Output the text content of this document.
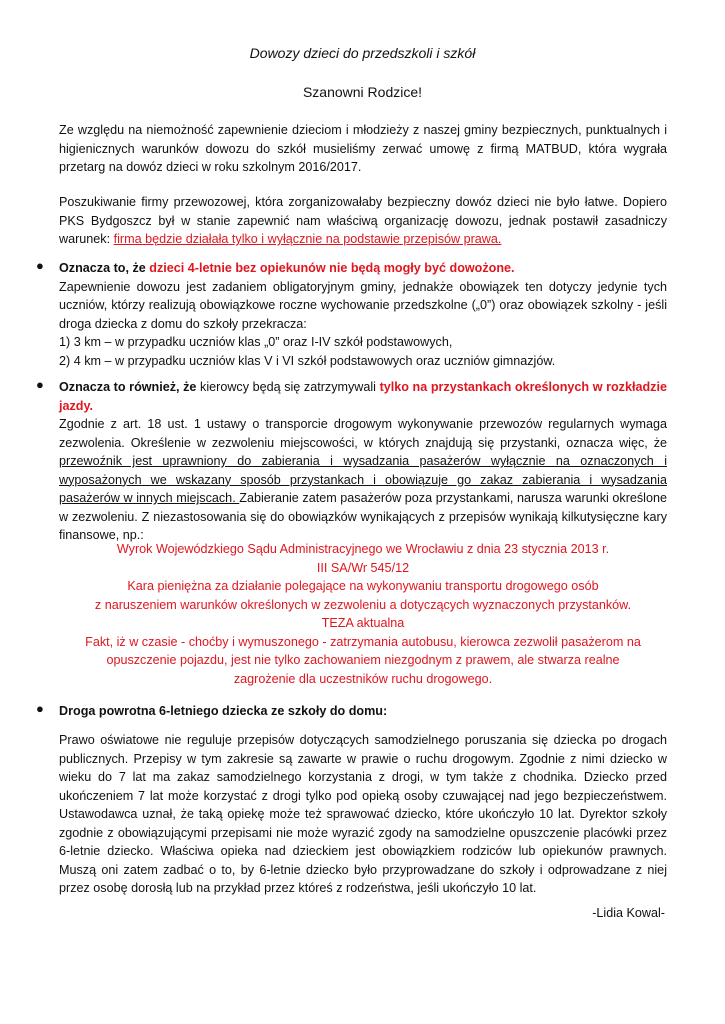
Dowozy dzieci do przedszkoli i szkół
Szanowni Rodzice!

Ze względu na niemożność zapewnienie dzieciom i młodzieży z naszej gminy bezpiecznych, punktualnych i higienicznych warunków dowozu do szkół musieliśmy zerwać umowę z firmą MATBUD, która wygrała przetarg na dowóz dzieci w roku szkolnym 2016/2017.

Poszukiwanie firmy przewozowej, która zorganizowałaby bezpieczny dowóz dzieci nie było łatwe. Dopiero PKS Bydgoszcz był w stanie zapewnić nam właściwą organizację dowozu, jednak postawił zasadniczy warunek: firma będzie działała tylko i wyłącznie na podstawie przepisów prawa.

● Oznacza to, że dzieci 4-letnie bez opiekunów nie będą mogły być dowożone.
Zapewnienie dowozu jest zadaniem obligatoryjnym gminy, jednakże obowiązek ten dotyczy jedynie tych uczniów, którzy realizują obowiązkowe roczne wychowanie przedszkolne („0”) oraz obowiązek szkolny - jeśli droga dziecka z domu do szkoły przekracza:
1) 3 km – w przypadku uczniów klas „0” oraz I-IV szkół podstawowych,
2) 4 km – w przypadku uczniów klas V i VI szkół podstawowych oraz uczniów gimnazjów.

● Oznacza to również, że kierowcy będą się zatrzymywali tylko na przystankach określonych w rozkładzie jazdy.
Zgodnie z art. 18 ust. 1 ustawy o transporcie drogowym wykonywanie przewozów regularnych wymaga zezwolenia. Określenie w zezwoleniu miejscowości, w których znajdują się przystanki, oznacza więc, że przewoźnik jest uprawniony do zabierania i wysadzania pasażerów wyłącznie na oznaczonych i wyposażonych we wskazany sposób przystankach i obowiązuje go zakaz zabierania i wysadzania pasażerów w innych miejscach. Zabieranie zatem pasażerów poza przystankami, narusza warunki określone w zezwoleniu. Z niezastosowania się do obowiązków wynikających z przepisów wynikają kilkutysięczne kary finansowe, np.:

Wyrok Wojewódzkiego Sądu Administracyjnego we Wrocławiu z dnia 23 stycznia 2013 r.
III SA/Wr 545/12
Kara pieniężna za działanie polegające na wykonywaniu transportu drogowego osób
z naruszeniem warunków określonych w zezwoleniu a dotyczących wyznaczonych przystanków.
TEZA aktualna
Fakt, iż w czasie - choćby i wymuszonego - zatrzymania autobusu, kierowca zezwolił pasażerom na
opuszczenie pojazdu, jest nie tylko zachowaniem niezgodnym z prawem, ale stwarza realne
zagrożenie dla uczestników ruchu drogowego.
● Droga powrotna 6-letniego dziecka ze szkoły do domu:

Prawo oświatowe nie reguluje przepisów dotyczących samodzielnego poruszania się dziecka po drogach publicznych. Przepisy w tym zakresie są zawarte w prawie o ruchu drogowym. Zgodnie z nimi dziecko w wieku do 7 lat ma zakaz samodzielnego korzystania z drogi, w tym także z chodnika. Dziecko przed ukończeniem 7 lat może korzystać z drogi tylko pod opieką osoby czuwającej nad jego bezpieczeństwem. Ustawodawca uznał, że taką opiekę może też sprawować dziecko, które ukończyło 10 lat. Dyrektor szkoły zgodnie z obowiązującymi przepisami nie może wyrazić zgody na samodzielne opuszczenie placówki przez 6-letnie dziecko. Właściwa opieka nad dzieckiem jest obowiązkiem rodziców lub opiekunów prawnych. Muszą oni zatem zadbać o to, by 6-letnie dziecko było przyprowadzane do szkoły i odprowadzane z niej przez osobę dorosłą lub na przykład przez któreś z rodzeństwa, jeśli ukończyło 10 lat.

-Lidia Kowal-
